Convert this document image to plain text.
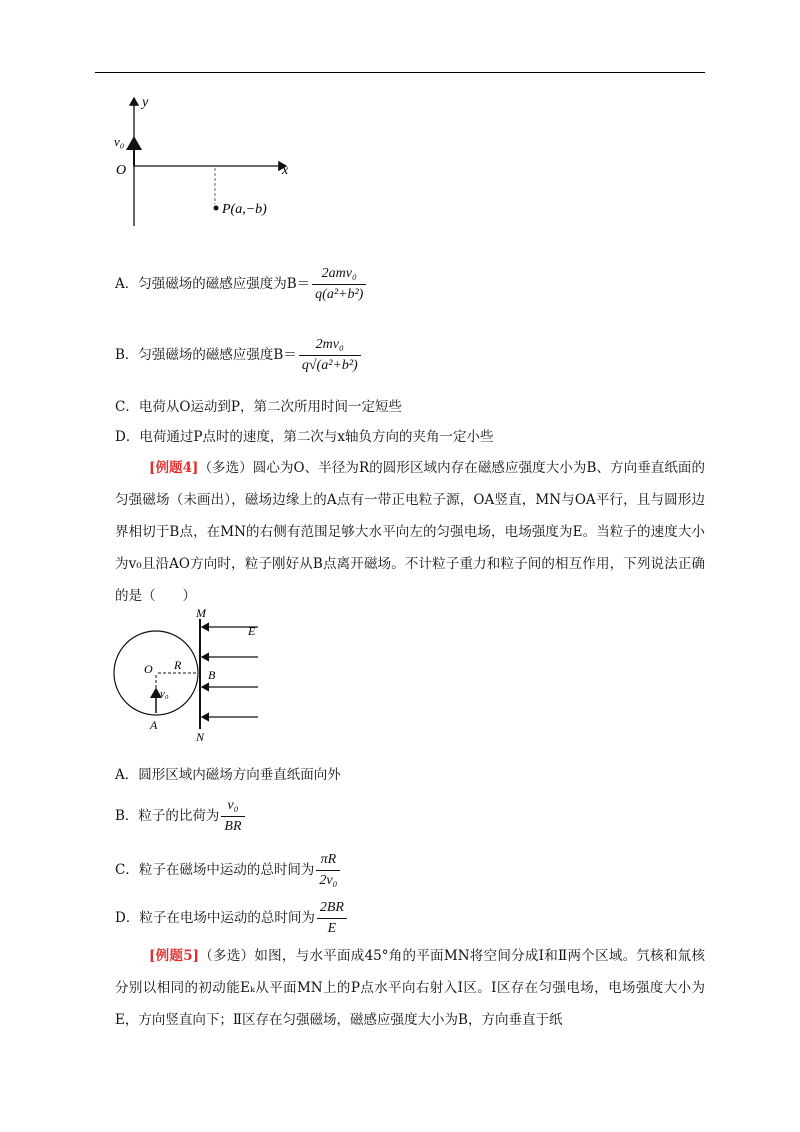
y
x
O
v₀
P(a,−b)
A．匀强磁场的磁感应强度为$B= \frac{\text{2amv₀}}{\text{q(a²+b²)}}$
B．匀强磁场的磁感应强度$B= \frac{\text{2mv₀}}{\text{q√(a²+b²)}}$
C．电荷从O运动到P，第二次所用时间一定短些
D．电荷通过P点时的速度，第二次与x轴负方向的夹角一定小些
[例题4]（多选）圆心为O、半径为R的圆形区域内存在磁感应强度大小为B、方向垂直纸面的匀强磁场（未画出），磁场边缘上的A点有一带正电粒子源，OA竖直，MN与OA平行，且与圆形边界相切于B点，在MN的右侧有范围足够大水平向左的匀强电场，电场强度为E。当粒子的速度大小为v₀且沿AO方向时，粒子刚好从B点离开磁场。不计粒子重力和粒子间的相互作用，下列说法正确的是（　　）
M
N
E
O R
B
v₀
A
A．圆形区域内磁场方向垂直纸面向外
B．粒子的比荷为 $\frac{\text{v₀}}{BR}$
C．粒子在磁场中运动的总时间为 $\frac{\pi R}{\text{2v₀}}$
D．粒子在电场中运动的总时间为 $\frac{2BR}{E}$
[例题5]（多选）如图，与水平面成45°角的平面MN将空间分成Ⅰ和Ⅱ两个区域。氕核和氚核分别以相同的初动能Eₖ从平面MN上的P点水平向右射入Ⅰ区。Ⅰ区存在匀强电场，电场强度大小为E，方向竖直向下；Ⅱ区存在匀强磁场，磁感应强度大小为B，方向垂直于纸
